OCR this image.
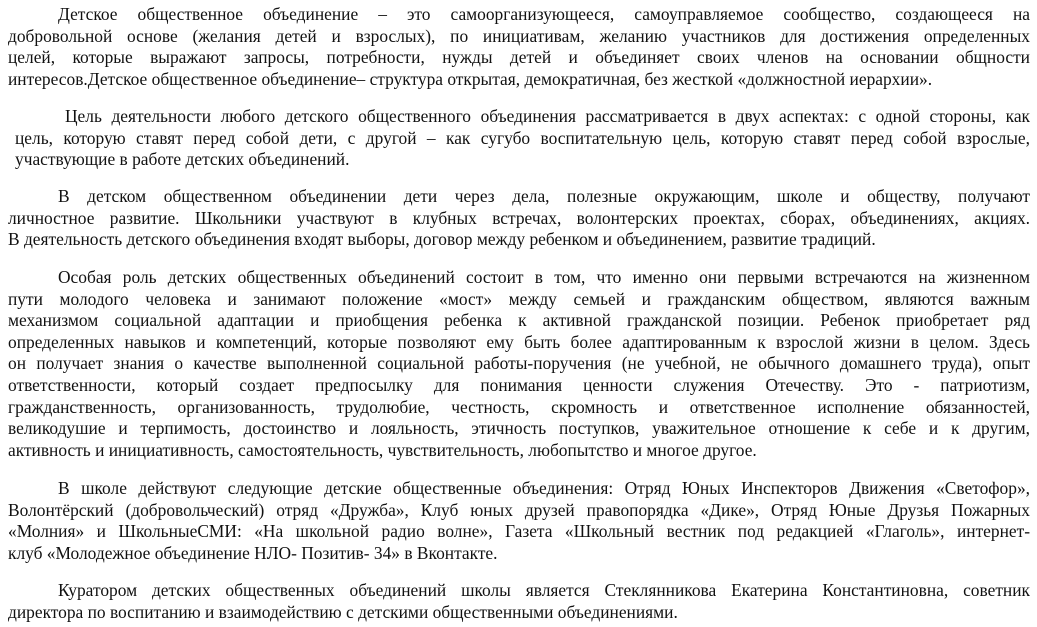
Детское общественное объединение – это самоорганизующееся, самоуправляемое сообщество, создающееся на
добровольной основе (желания детей и взрослых), по инициативам, желанию участников для достижения определенных
целей, которые выражают запросы, потребности, нужды детей и объединяет своих членов на основании общности
интересов.Детское общественное объединение– структура открытая, демократичная, без жесткой «должностной иерархии».
Цель деятельности любого детского общественного объединения рассматривается в двух аспектах: с одной стороны, как
цель, которую ставят перед собой дети, с другой – как сугубо воспитательную цель, которую ставят перед собой взрослые,
участвующие в работе детских объединений.
В детском общественном объединении дети через дела, полезные окружающим, школе и обществу, получают
личностное развитие. Школьники участвуют в клубных встречах, волонтерских проектах, сборах, объединениях, акциях.
В деятельность детского объединения входят выборы, договор между ребенком и объединением, развитие традиций.
Особая роль детских общественных объединений состоит в том, что именно они первыми встречаются на жизненном
пути молодого человека и занимают положение «мост» между семьей и гражданским обществом, являются важным
механизмом социальной адаптации и приобщения ребенка к активной гражданской позиции. Ребенок приобретает ряд
определенных навыков и компетенций, которые позволяют ему быть более адаптированным к взрослой жизни в целом. Здесь
он получает знания о качестве выполненной социальной работы-поручения (не учебной, не обычного домашнего труда), опыт
ответственности, который создает предпосылку для понимания ценности служения Отечеству. Это - патриотизм,
гражданственность, организованность, трудолюбие, честность, скромность и ответственное исполнение обязанностей,
великодушие и терпимость, достоинство и лояльность, этичность поступков, уважительное отношение к себе и к другим,
активность и инициативность, самостоятельность, чувствительность, любопытство и многое другое.
В школе действуют следующие детские общественные объединения: Отряд Юных Инспекторов Движения «Светофор»,
Волонтёрский (добровольческий) отряд «Дружба», Клуб юных друзей правопорядка «Дике», Отряд Юные Друзья Пожарных
«Молния» и ШкольныеСМИ: «На школьной радио волне», Газета «Школьный вестник под редакцией «Глаголь», интернет-
клуб «Молодежное объединение НЛО- Позитив- 34» в Вконтакте.
Куратором детских общественных объединений школы является Стеклянникова Екатерина Константиновна, советник
директора по воспитанию и взаимодействию с детскими общественными объединениями.
